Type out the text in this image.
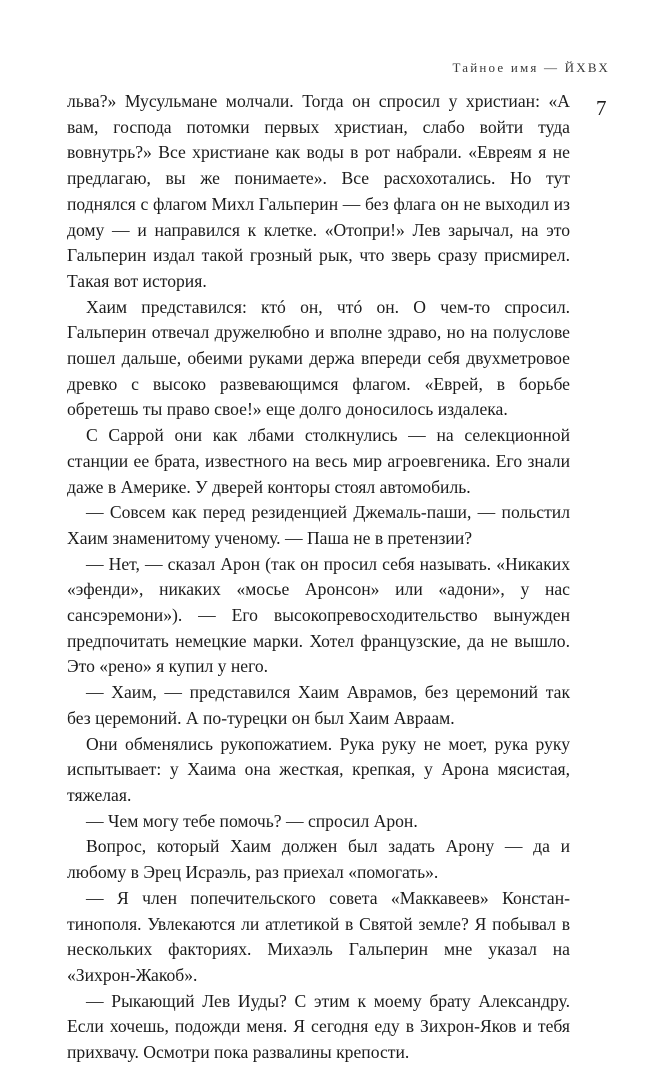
Тайное имя — ЙХВХ
7

льва?» Мусульмане молчали. Тогда он спросил у христиан: «А вам, господа потомки первых христиан, слабо войти туда вовнутрь?» Все христиане как воды в рот набрали. «Евреям я не предлагаю, вы же понимаете». Все расхохотались. Но тут поднялся с флагом Михл Гальперин — без флага он не выходил из дому — и направился к клетке. «Отопри!» Лев зарычал, на это Гальперин издал такой грозный рык, что зверь сразу присмирел. Такая вот история.

Хаим представился: ктó он, чтó он. О чем-то спросил. Гальперин отвечал дружелюбно и вполне здраво, но на полуслове пошел дальше, обеими руками держа впереди себя двухметровое древко с высоко развевающимся флагом. «Еврей, в борьбе обретешь ты право свое!» еще долго доносилось издалека.

С Саррой они как лбами столкнулись — на селекционной станции ее брата, известного на весь мир агроевгеника. Его знали даже в Америке. У дверей конторы стоял автомобиль.

— Совсем как перед резиденцией Джемаль-паши, — польстил Хаим знаменитому ученому. — Паша не в претензии?

— Нет, — сказал Арон (так он просил себя называть. «Никаких «эфенди», никаких «мосье Аронсон» или «адони», у нас сансэремони»). — Его высокопревосходительство вынужден предпочитать немецкие марки. Хотел французские, да не вышло. Это «рено» я купил у него.

— Хаим, — представился Хаим Аврамов, без церемоний так без церемоний. А по-турецки он был Хаим Авраам.

Они обменялись рукопожатием. Рука руку не моет, рука руку испытывает: у Хаима она жесткая, крепкая, у Арона мясистая, тяжелая.

— Чем могу тебе помочь? — спросил Арон.

Вопрос, который Хаим должен был задать Арону — да и любому в Эрец Исраэль, раз приехал «помогать».

— Я член попечительского совета «Маккавеев» Константинополя. Увлекаются ли атлетикой в Святой земле? Я побывал в нескольких факториях. Михаэль Гальперин мне указал на «Зихрон-Жакоб».

— Рыкающий Лев Иуды? С этим к моему брату Александру. Если хочешь, подожди меня. Я сегодня еду в Зихрон-Яков и тебя прихвачу. Осмотри пока развалины крепости.
